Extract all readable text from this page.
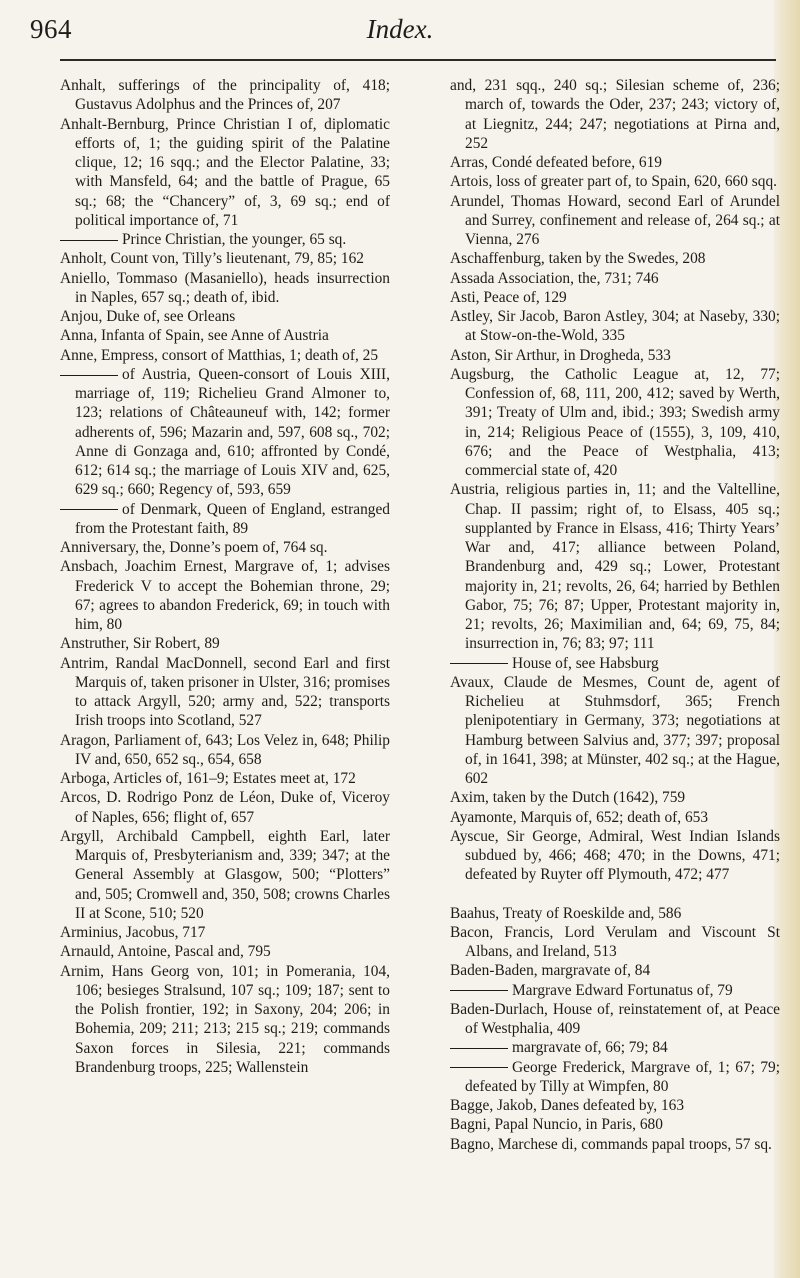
964	Index.

Anhalt, sufferings of the principality of, 418; Gustavus Adolphus and the Princes of, 207

Anhalt-Bernburg, Prince Christian I of, diplomatic efforts of, 1; the guiding spirit of the Palatine clique, 12; 16 sqq.; and the Elector Palatine, 33; with Mansfeld, 64; and the battle of Prague, 65 sq.; 68; the “Chancery” of, 3, 69 sq.; end of political importance of, 71

Prince Christian, the younger, 65 sq.

Anholt, Count von, Tilly’s lieutenant, 79, 85; 162

Aniello, Tommaso (Masaniello), heads insurrection in Naples, 657 sq.; death of, ibid.

Anjou, Duke of, see Orleans

Anna, Infanta of Spain, see Anne of Austria

Anne, Empress, consort of Matthias, 1; death of, 25

of Austria, Queen-consort of Louis XIII, marriage of, 119; Richelieu Grand Almoner to, 123; relations of Châteauneuf with, 142; former adherents of, 596; Mazarin and, 597, 608 sq., 702; Anne di Gonzaga and, 610; affronted by Condé, 612; 614 sq.; the marriage of Louis XIV and, 625, 629 sq.; 660; Regency of, 593, 659

of Denmark, Queen of England, estranged from the Protestant faith, 89

Anniversary, the, Donne’s poem of, 764 sq.

Ansbach, Joachim Ernest, Margrave of, 1; advises Frederick V to accept the Bohemian throne, 29; 67; agrees to abandon Frederick, 69; in touch with him, 80

Anstruther, Sir Robert, 89

Antrim, Randal MacDonnell, second Earl and first Marquis of, taken prisoner in Ulster, 316; promises to attack Argyll, 520; army and, 522; transports Irish troops into Scotland, 527

Aragon, Parliament of, 643; Los Velez in, 648; Philip IV and, 650, 652 sq., 654, 658

Arboga, Articles of, 161–9; Estates meet at, 172

Arcos, D. Rodrigo Ponz de Léon, Duke of, Viceroy of Naples, 656; flight of, 657

Argyll, Archibald Campbell, eighth Earl, later Marquis of, Presbyterianism and, 339; 347; at the General Assembly at Glasgow, 500; “Plotters” and, 505; Cromwell and, 350, 508; crowns Charles II at Scone, 510; 520

Arminius, Jacobus, 717

Arnauld, Antoine, Pascal and, 795

Arnim, Hans Georg von, 101; in Pomerania, 104, 106; besieges Stralsund, 107 sq.; 109; 187; sent to the Polish frontier, 192; in Saxony, 204; 206; in Bohemia, 209; 211; 213; 215 sq.; 219; commands Saxon forces in Silesia, 221; commands Brandenburg troops, 225; Wallenstein

and, 231 sqq., 240 sq.; Silesian scheme of, 236; march of, towards the Oder, 237; 243; victory of, at Liegnitz, 244; 247; negotiations at Pirna and, 252

Arras, Condé defeated before, 619

Artois, loss of greater part of, to Spain, 620, 660 sqq.

Arundel, Thomas Howard, second Earl of Arundel and Surrey, confinement and release of, 264 sq.; at Vienna, 276

Aschaffenburg, taken by the Swedes, 208

Assada Association, the, 731; 746

Asti, Peace of, 129

Astley, Sir Jacob, Baron Astley, 304; at Naseby, 330; at Stow-on-the-Wold, 335

Aston, Sir Arthur, in Drogheda, 533

Augsburg, the Catholic League at, 12, 77; Confession of, 68, 111, 200, 412; saved by Werth, 391; Treaty of Ulm and, ibid.; 393; Swedish army in, 214; Religious Peace of (1555), 3, 109, 410, 676; and the Peace of Westphalia, 413; commercial state of, 420

Austria, religious parties in, 11; and the Valtelline, Chap. II passim; right of, to Elsass, 405 sq.; supplanted by France in Elsass, 416; Thirty Years’ War and, 417; alliance between Poland, Brandenburg and, 429 sq.; Lower, Protestant majority in, 21; revolts, 26, 64; harried by Bethlen Gabor, 75; 76; 87; Upper, Protestant majority in, 21; revolts, 26; Maximilian and, 64; 69, 75, 84; insurrection in, 76; 83; 97; 111

House of, see Habsburg

Avaux, Claude de Mesmes, Count de, agent of Richelieu at Stuhmsdorf, 365; French plenipotentiary in Germany, 373; negotiations at Hamburg between Salvius and, 377; 397; proposal of, in 1641, 398; at Münster, 402 sq.; at the Hague, 602

Axim, taken by the Dutch (1642), 759

Ayamonte, Marquis of, 652; death of, 653

Ayscue, Sir George, Admiral, West Indian Islands subdued by, 466; 468; 470; in the Downs, 471; defeated by Ruyter off Plymouth, 472; 477

Baahus, Treaty of Roeskilde and, 586

Bacon, Francis, Lord Verulam and Viscount St Albans, and Ireland, 513

Baden-Baden, margravate of, 84

Margrave Edward Fortunatus of, 79

Baden-Durlach, House of, reinstatement of, at Peace of Westphalia, 409

margravate of, 66; 79; 84

George Frederick, Margrave of, 1; 67; 79; defeated by Tilly at Wimpfen, 80

Bagge, Jakob, Danes defeated by, 163

Bagni, Papal Nuncio, in Paris, 680

Bagno, Marchese di, commands papal troops, 57 sq.
